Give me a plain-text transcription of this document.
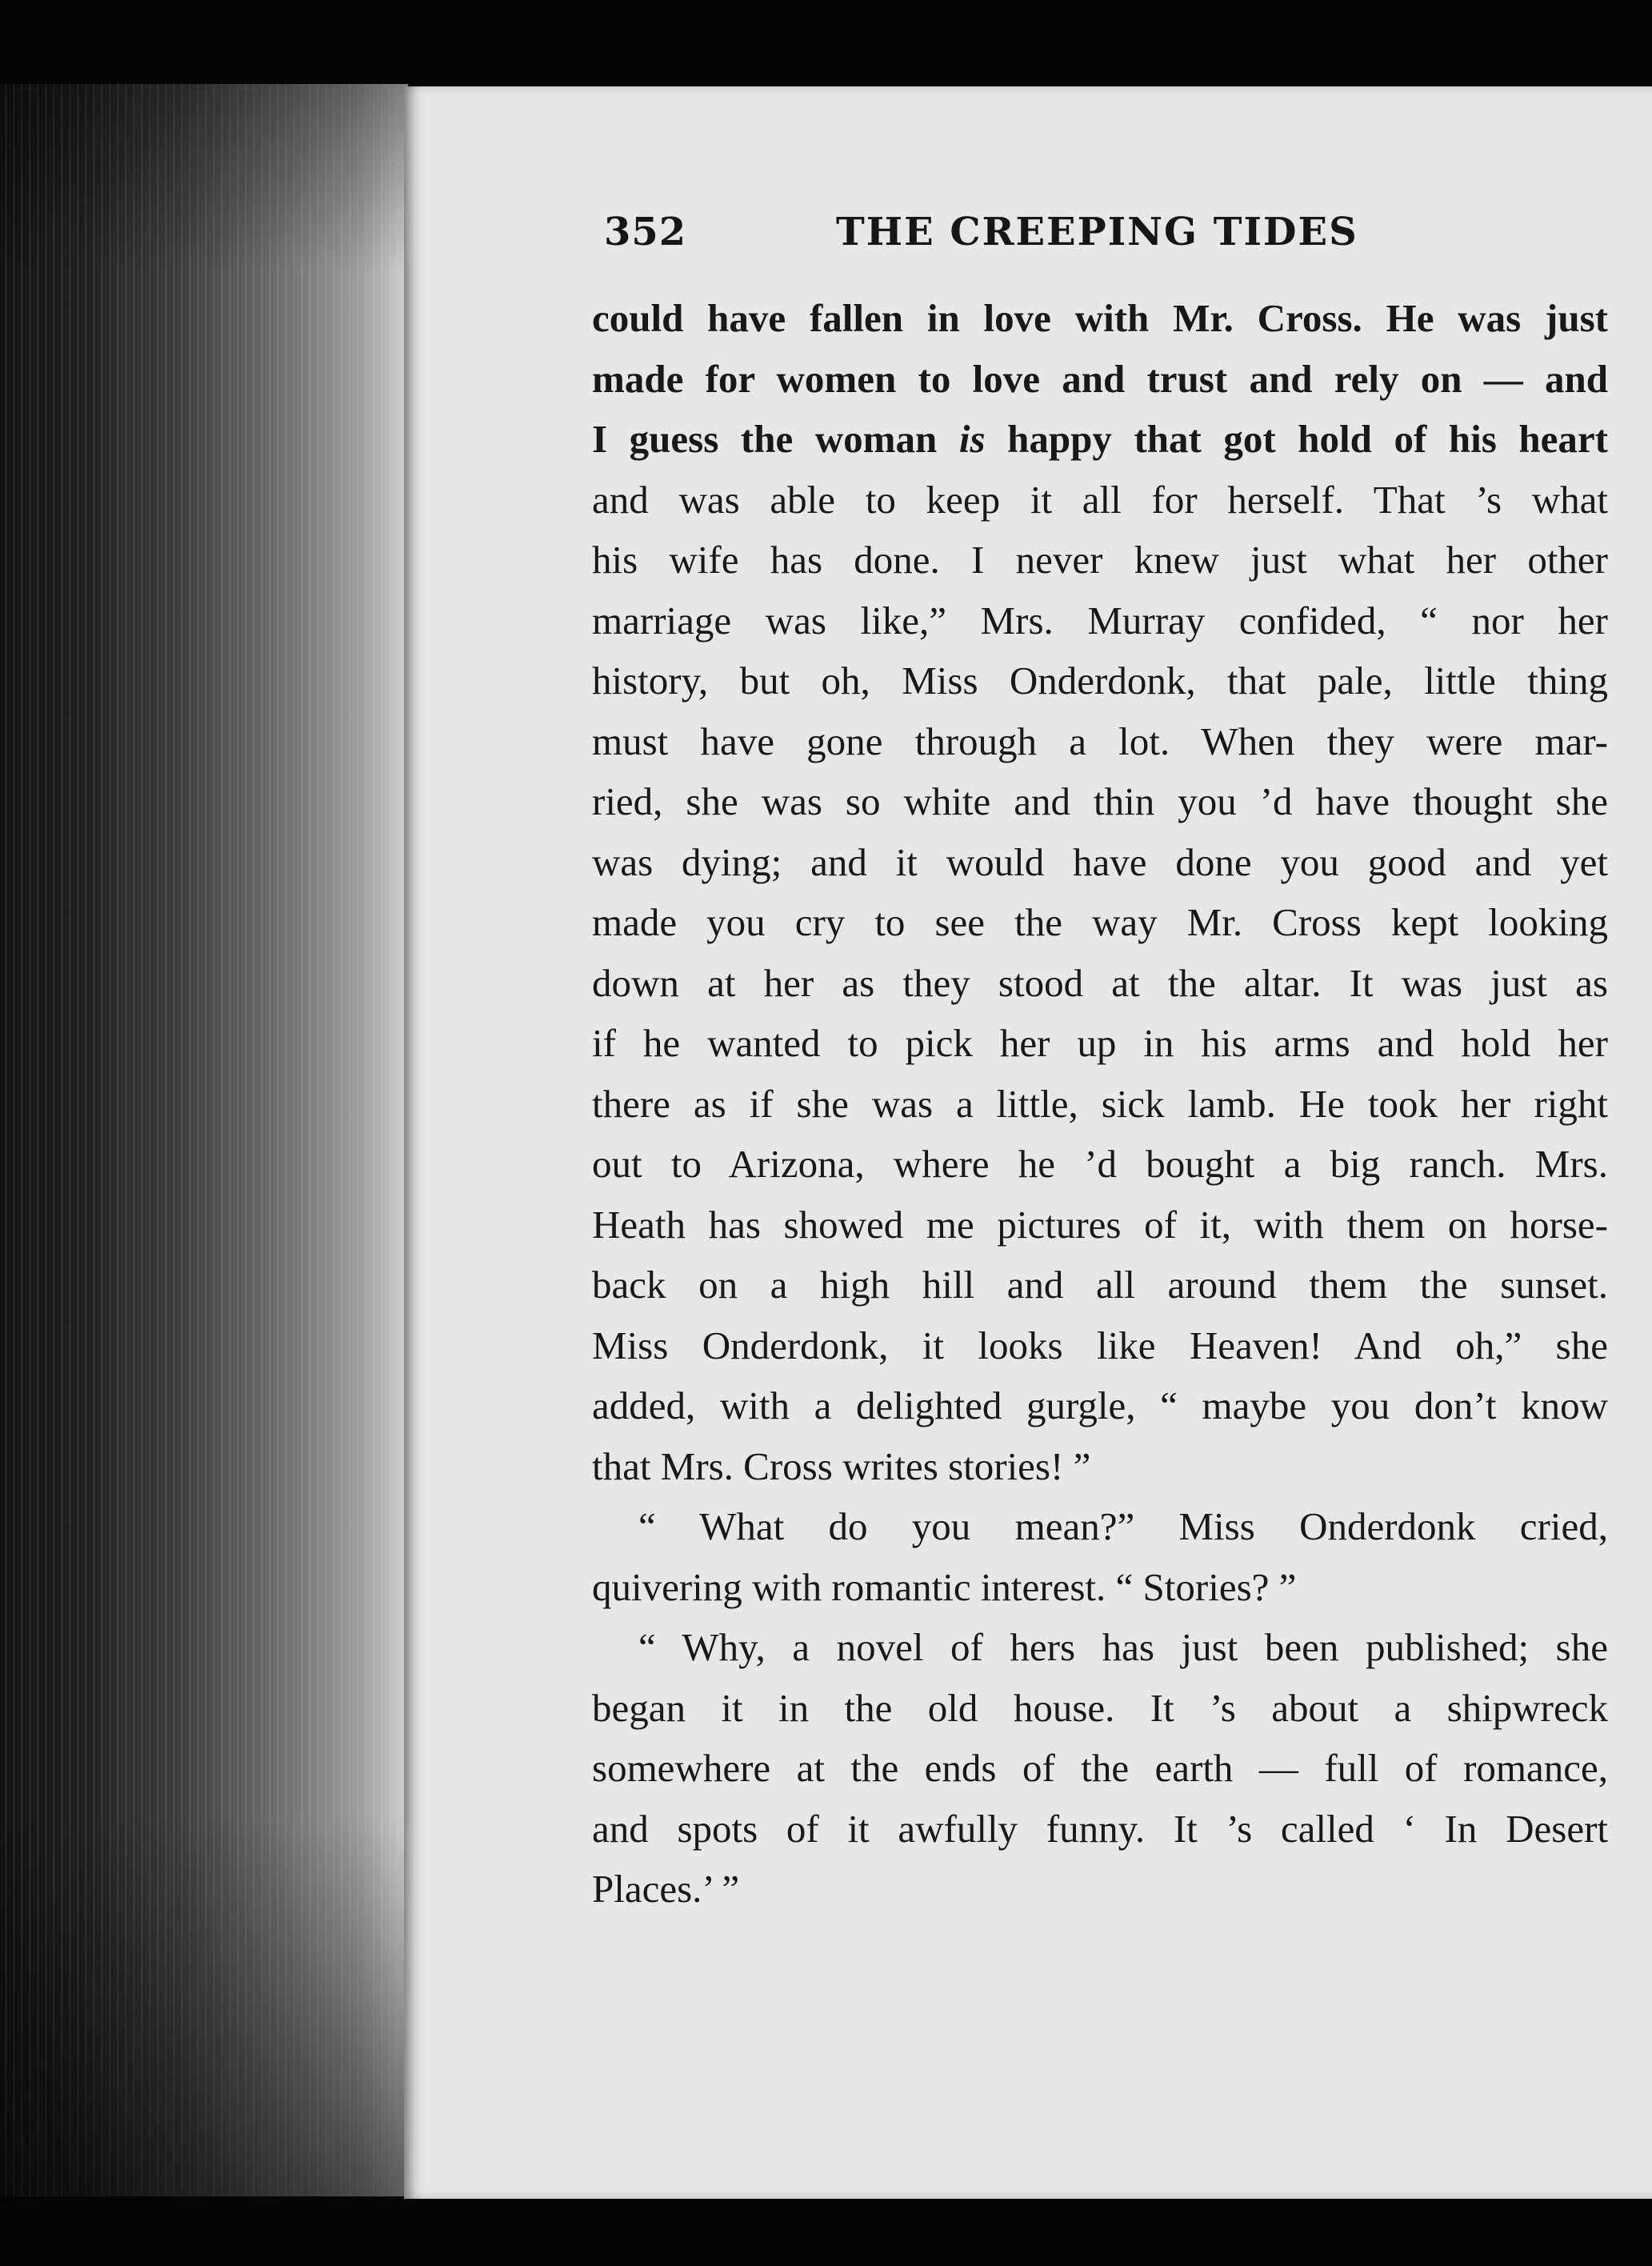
352	THE CREEPING TIDES
could have fallen in love with Mr. Cross. He was just
made for women to love and trust and rely on — and
I guess the woman is happy that got hold of his heart
and was able to keep it all for herself. That ’s what
his wife has done. I never knew just what her other
marriage was like,” Mrs. Murray confided, “ nor her
history, but oh, Miss Onderdonk, that pale, little thing
must have gone through a lot. When they were mar-
ried, she was so white and thin you ’d have thought she
was dying; and it would have done you good and yet
made you cry to see the way Mr. Cross kept looking
down at her as they stood at the altar. It was just as
if he wanted to pick her up in his arms and hold her
there as if she was a little, sick lamb. He took her right
out to Arizona, where he ’d bought a big ranch. Mrs.
Heath has showed me pictures of it, with them on horse-
back on a high hill and all around them the sunset.
Miss Onderdonk, it looks like Heaven! And oh,” she
added, with a delighted gurgle, “ maybe you don’t know
that Mrs. Cross writes stories! ”
“ What do you mean?” Miss Onderdonk cried,
quivering with romantic interest. “ Stories? ”
“ Why, a novel of hers has just been published; she
began it in the old house. It ’s about a shipwreck
somewhere at the ends of the earth — full of romance,
and spots of it awfully funny. It ’s called ‘ In Desert
Places.’ ”
